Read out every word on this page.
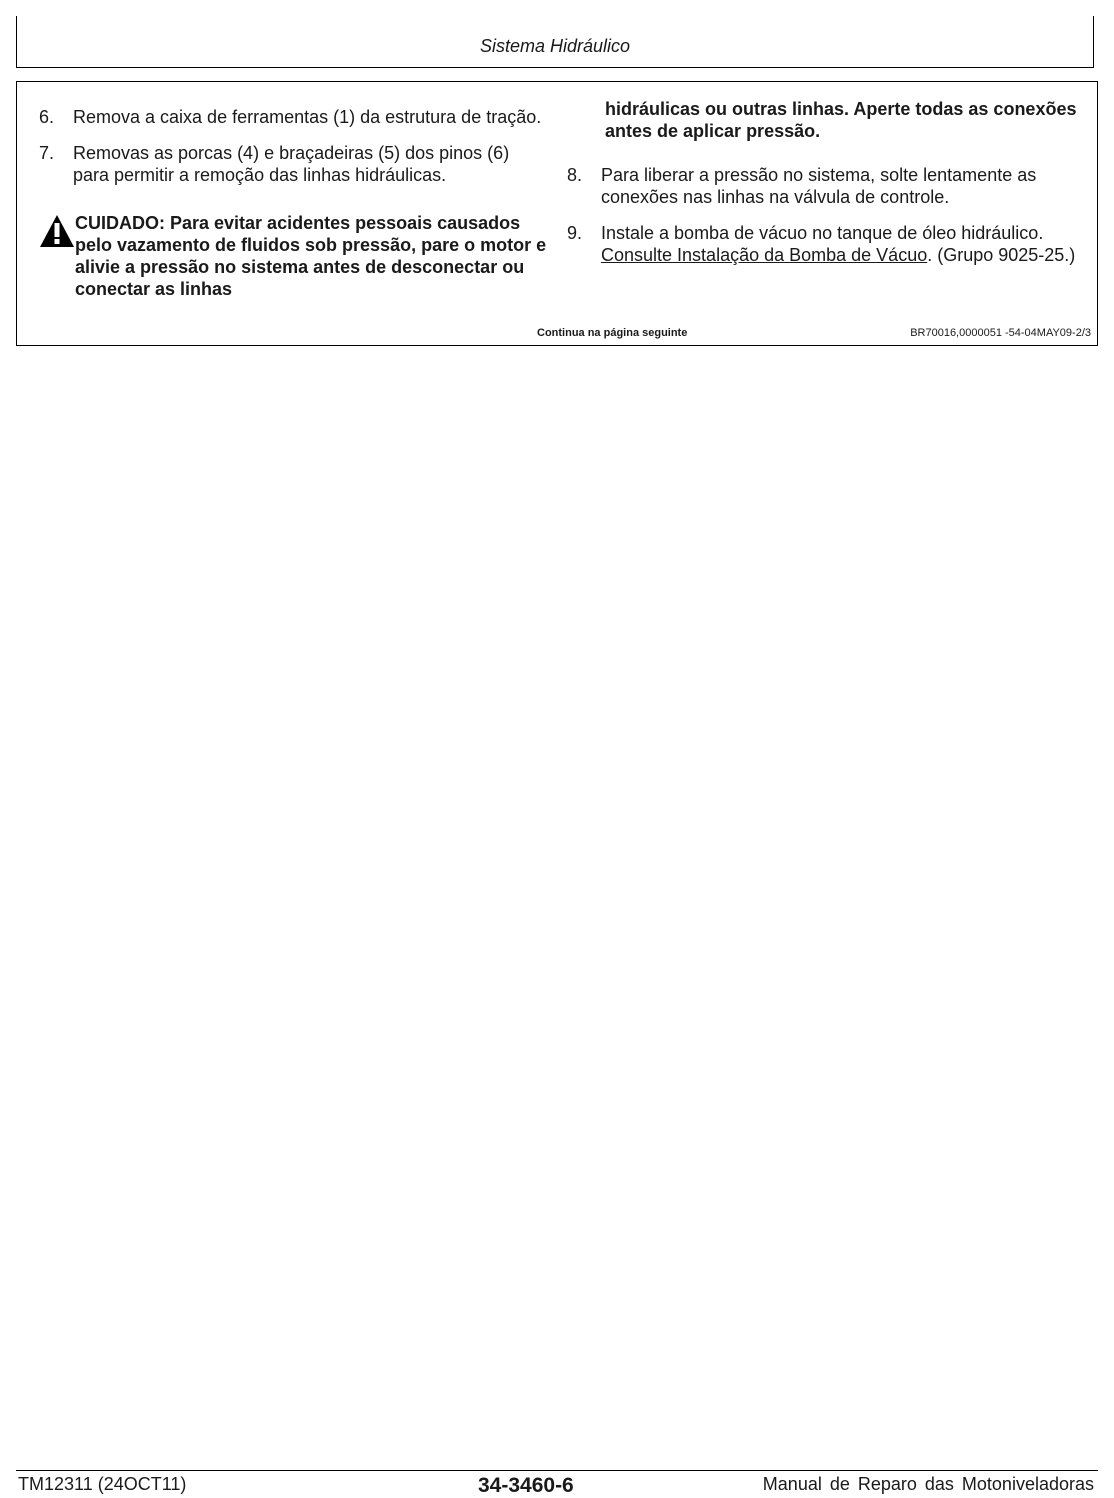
Sistema Hidráulico
6. Remova a caixa de ferramentas (1) da estrutura de tração.
7. Removas as porcas (4) e braçadeiras (5) dos pinos (6) para permitir a remoção das linhas hidráulicas.
CUIDADO: Para evitar acidentes pessoais causados pelo vazamento de fluidos sob pressão, pare o motor e alivie a pressão no sistema antes de desconectar ou conectar as linhas
hidráulicas ou outras linhas. Aperte todas as conexões antes de aplicar pressão.
8. Para liberar a pressão no sistema, solte lentamente as conexões nas linhas na válvula de controle.
9. Instale a bomba de vácuo no tanque de óleo hidráulico. Consulte Instalação da Bomba de Vácuo. (Grupo 9025-25.)
Continua na página seguinte	BR70016,0000051 -54-04MAY09-2/3
TM12311 (24OCT11)	34-3460-6	Manual de Reparo das Motoniveladoras
